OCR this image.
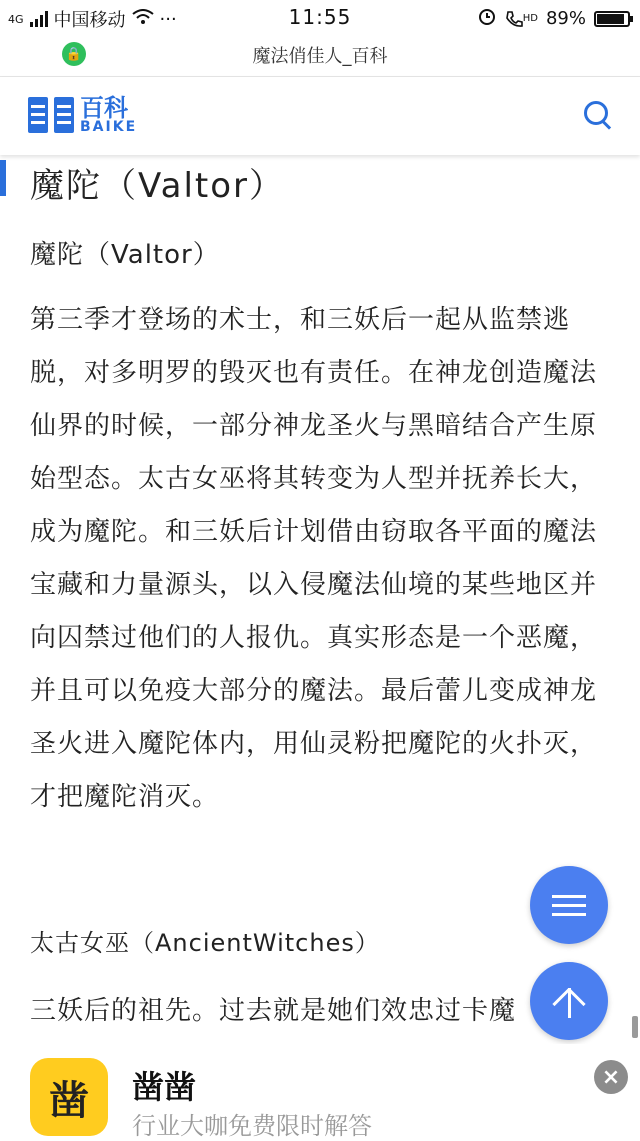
4G 中国移动 ···	11:55	HD 89%
🔒	魔法俏佳人_百科
百科
BAIKE
魔陀（Valtor）
魔陀（Valtor）
第三季才登场的术士，和三妖后一起从监禁逃脱，对多明罗的毁灭也有责任。在神龙创造魔法仙界的时候，一部分神龙圣火与黑暗结合产生原始型态。太古女巫将其转变为人型并抚养长大，成为魔陀。和三妖后计划借由窃取各平面的魔法宝藏和力量源头，以入侵魔法仙境的某些地区并向囚禁过他们的人报仇。真实形态是一个恶魔，并且可以免疫大部分的魔法。最后蕾儿变成神龙圣火进入魔陀体内，用仙灵粉把魔陀的火扑灭，才把魔陀消灭。
太古女巫（AncientWitches）
三妖后的祖先。过去就是她们效忠过卡魔
凿	凿凿
行业大咖免费限时解答
×
